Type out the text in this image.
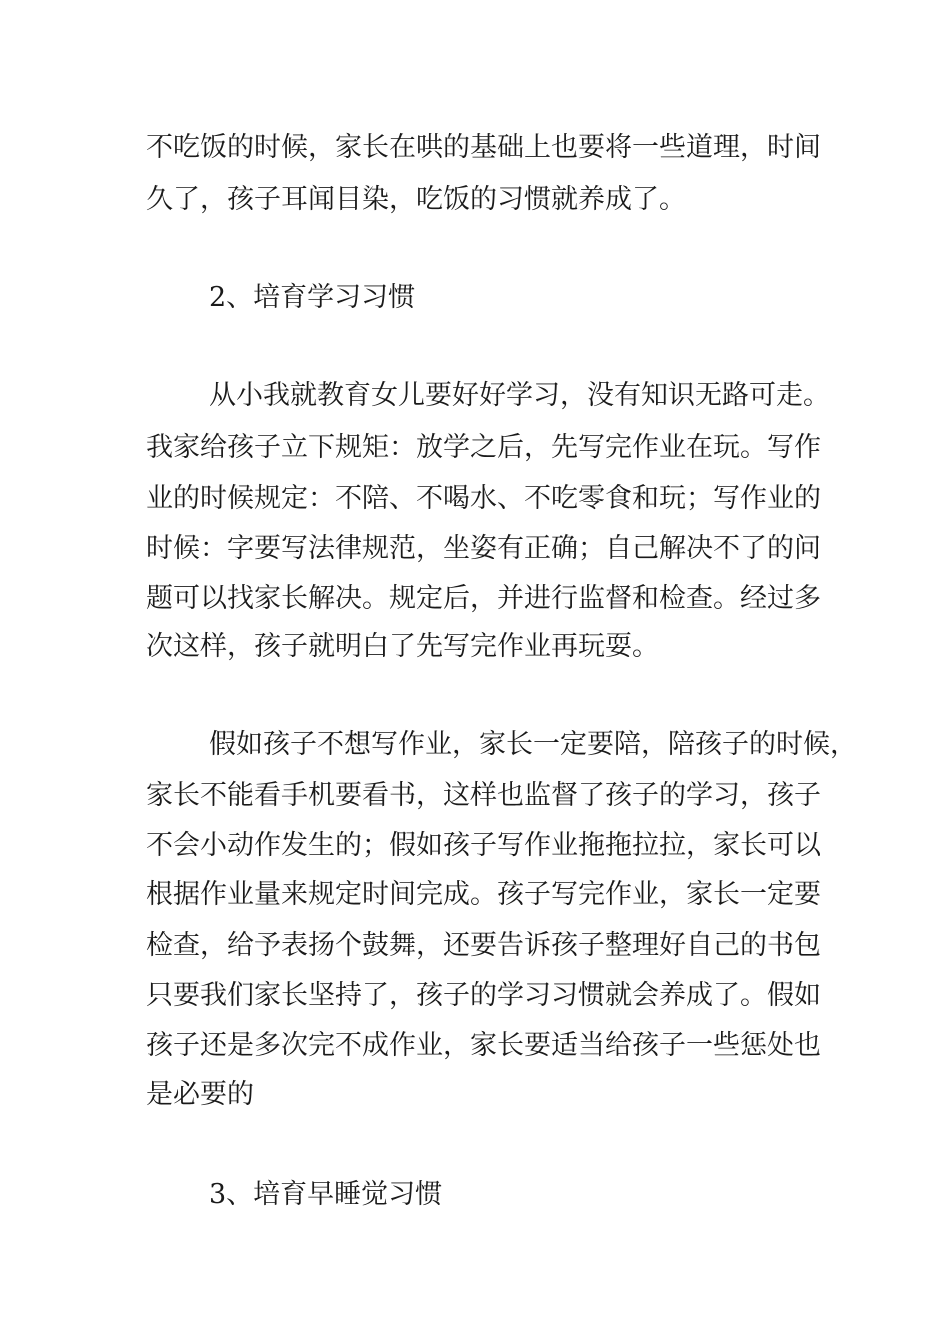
不吃饭的时候，家长在哄的基础上也要将一些道理，时间

久了，孩子耳闻目染，吃饭的习惯就养成了。

2、培育学习习惯

从小我就教育女儿要好好学习，没有知识无路可走。

我家给孩子立下规矩：放学之后，先写完作业在玩。写作

业的时候规定：不陪、不喝水、不吃零食和玩；写作业的

时候：字要写法律规范，坐姿有正确；自己解决不了的问

题可以找家长解决。规定后，并进行监督和检查。经过多

次这样，孩子就明白了先写完作业再玩耍。

假如孩子不想写作业，家长一定要陪，陪孩子的时候，

家长不能看手机要看书，这样也监督了孩子的学习，孩子

不会小动作发生的；假如孩子写作业拖拖拉拉，家长可以

根据作业量来规定时间完成。孩子写完作业，家长一定要

检查，给予表扬个鼓舞，还要告诉孩子整理好自己的书包

只要我们家长坚持了，孩子的学习习惯就会养成了。假如

孩子还是多次完不成作业，家长要适当给孩子一些惩处也

是必要的

3、培育早睡觉习惯
